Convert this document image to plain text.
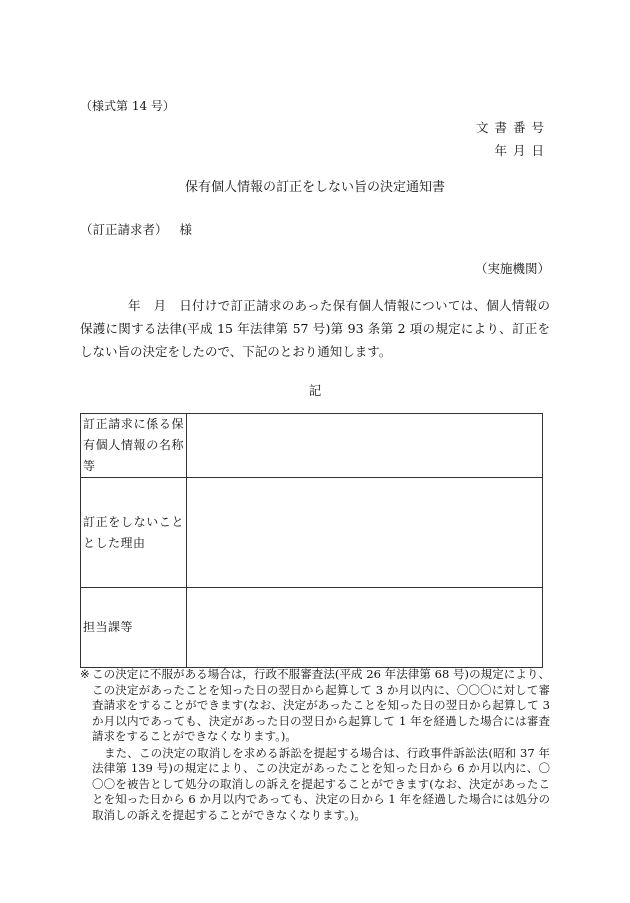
（様式第 14 号）
文書番号
年月日
保有個人情報の訂正をしない旨の決定通知書
（訂正請求者） 様
（実施機関）
年　月　日付けで訂正請求のあった保有個人情報については、個人情報の保護に関する法律(平成 15 年法律第 57 号)第 93 条第 2 項の規定により、訂正をしない旨の決定をしたので、下記のとおり通知します。
記
訂正請求に係る保有個人情報の名称等	

訂正をしないこととした理由	

担当課等	

※ この決定に不服がある場合は，行政不服審査法(平成 26 年法律第 68 号)の規定により、この決定があったことを知った日の翌日から起算して 3 か月以内に、〇〇〇に対して審査請求をすることができます(なお、決定があったことを知った日の翌日から起算して 3 か月以内であっても、決定があった日の翌日から起算して 1 年を経過した場合には審査請求をすることができなくなります。)。
また、この決定の取消しを求める訴訟を提起する場合は、行政事件訴訟法(昭和 37 年法律第 139 号)の規定により、この決定があったことを知った日から 6 か月以内に、〇〇〇を被告として処分の取消しの訴えを提起することができます(なお、決定があったことを知った日から 6 か月以内であっても、決定の日から 1 年を経過した場合には処分の取消しの訴えを提起することができなくなります。)。
